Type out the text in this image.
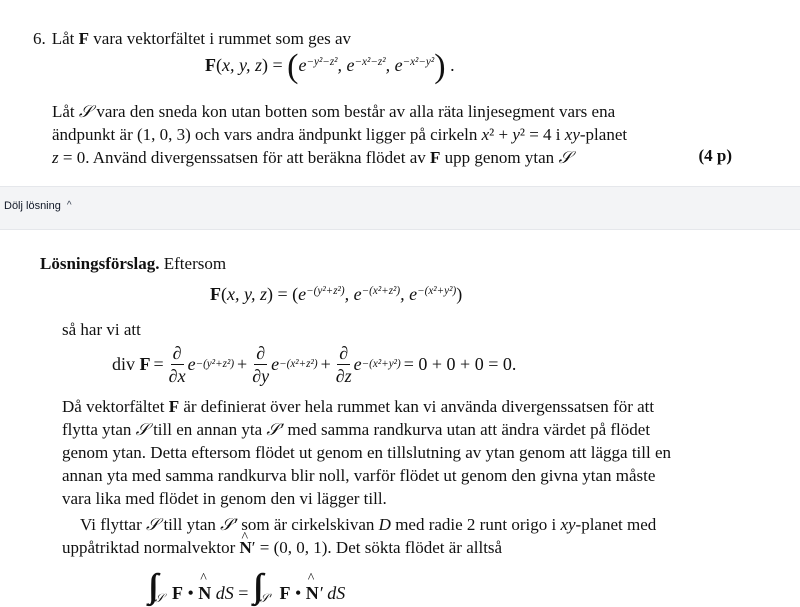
6. Låt F vara vektorfältet i rummet som ges av
F(x, y, $z) = (e^{-y^2-z^2}$, $e^{-x^2-z^2}$, $e^{-x^2-y^2}$) .
Låt 𝒮 vara den sneda kon utan botten som består av alla räta linjesegment vars ena
ändpunkt är (1, 0, 3) och vars andra ändpunkt ligger på cirkeln x² + y² = 4 i xy-planet
z = 0. Använd divergenssatsen för att beräkna flödet av F upp genom ytan 𝒮	(4 p)
Dölj lösning ^
Lösningsförslag. Eftersom
F(x, y, $z) = (e^{-(y^2+z^2)}$, $e^{-(x^2+z^2)}$, $e^{-(x^2+y^2)}$)
så har vi att
div $F = \frac{\partial}{\partial x}$ $e -(y^2+z^2) + \frac{\partial}{\partial y}$ $e -(x^2+z^2) + \frac{\partial}{\partial z}$ e −(x²+y²) = 0 + 0 + 0 = 0.
Då vektorfältet F är definierat över hela rummet kan vi använda divergenssatsen för att
flytta ytan 𝒮 till en annan yta 𝒮′ med samma randkurva utan att ändra värdet på flödet
genom ytan. Detta eftersom flödet ut genom en tillslutning av ytan genom att lägga till en
annan yta med samma randkurva blir noll, varför flödet ut genom den givna ytan måste
vara lika med flödet in genom den vi lägger till.
Vi flyttar 𝒮 till ytan 𝒮′ som är cirkelskivan D med radie 2 runt origo i xy-planet med
uppåtriktad normalvektor ^ N′ = (0, 0, 1). Det sökta flödet är alltså
∫∫ 𝒮 F • ^ N dS = ∫∫ 𝒮′ F • ^ N ′ dS
